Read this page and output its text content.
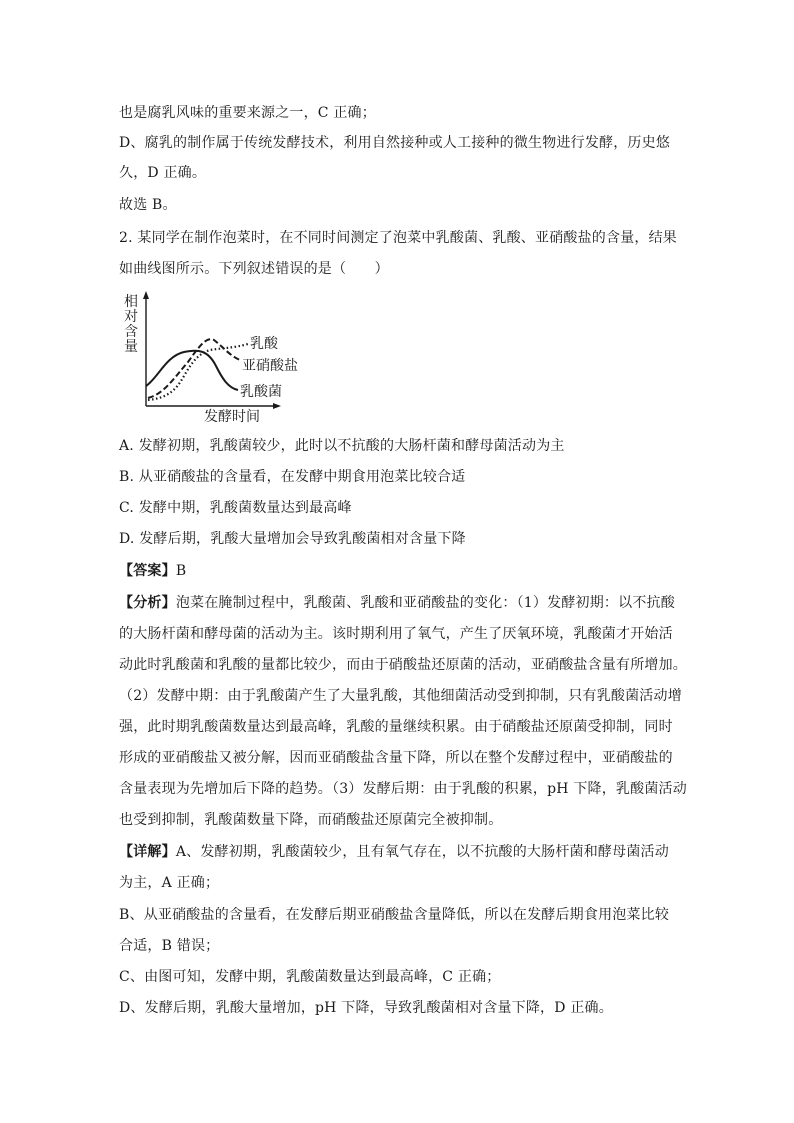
也是腐乳风味的重要来源之一，C 正确；
D、腐乳的制作属于传统发酵技术，利用自然接种或人工接种的微生物进行发酵，历史悠
久，D 正确。
故选 B。
2. 某同学在制作泡菜时，在不同时间测定了泡菜中乳酸菌、乳酸、亚硝酸盐的含量，结果
如曲线图所示。下列叙述错误的是（　　）
相
对
含
量
发酵时间
乳酸
亚硝酸盐
乳酸菌
A. 发酵初期，乳酸菌较少，此时以不抗酸的大肠杆菌和酵母菌活动为主
B. 从亚硝酸盐的含量看，在发酵中期食用泡菜比较合适
C. 发酵中期，乳酸菌数量达到最高峰
D. 发酵后期，乳酸大量增加会导致乳酸菌相对含量下降
【答案】B
【分析】泡菜在腌制过程中，乳酸菌、乳酸和亚硝酸盐的变化：（1）发酵初期：以不抗酸
的大肠杆菌和酵母菌的活动为主。该时期利用了氧气，产生了厌氧环境，乳酸菌才开始活
动此时乳酸菌和乳酸的量都比较少，而由于硝酸盐还原菌的活动，亚硝酸盐含量有所增加。
（2）发酵中期：由于乳酸菌产生了大量乳酸，其他细菌活动受到抑制，只有乳酸菌活动增
强，此时期乳酸菌数量达到最高峰，乳酸的量继续积累。由于硝酸盐还原菌受抑制，同时
形成的亚硝酸盐又被分解，因而亚硝酸盐含量下降，所以在整个发酵过程中，亚硝酸盐的
含量表现为先增加后下降的趋势。（3）发酵后期：由于乳酸的积累，pH 下降，乳酸菌活动
也受到抑制，乳酸菌数量下降，而硝酸盐还原菌完全被抑制。
【详解】A、发酵初期，乳酸菌较少，且有氧气存在，以不抗酸的大肠杆菌和酵母菌活动
为主，A 正确；
B、从亚硝酸盐的含量看，在发酵后期亚硝酸盐含量降低，所以在发酵后期食用泡菜比较
合适，B 错误；
C、由图可知，发酵中期，乳酸菌数量达到最高峰，C 正确；
D、发酵后期，乳酸大量增加，pH 下降，导致乳酸菌相对含量下降，D 正确。
